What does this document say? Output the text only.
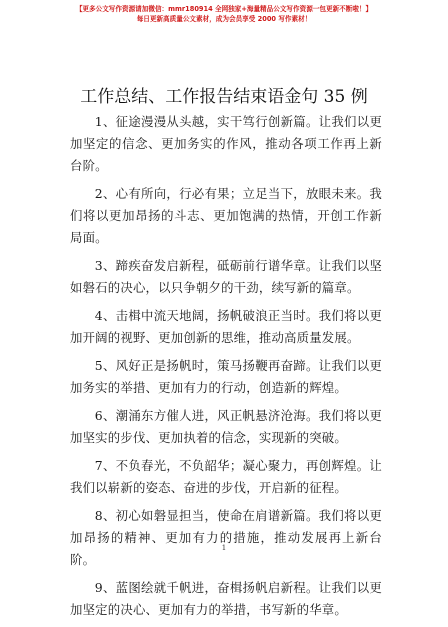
【更多公文写作资源请加微信：mmr180914 全网独家+海量精品公文写作资源一包更新不断啦！】
每日更新高质量公文素材，成为会员享受 2000 写作素材！
工作总结、工作报告结束语金句 35 例

1、征途漫漫从头越，实干笃行创新篇。让我们以更加坚定的信念、更加务实的作风，推动各项工作再上新台阶。

2、心有所向，行必有果；立足当下，放眼未来。我们将以更加昂扬的斗志、更加饱满的热情，开创工作新局面。

3、蹄疾奋发启新程，砥砺前行谱华章。让我们以坚如磐石的决心，以只争朝夕的干劲，续写新的篇章。

4、击楫中流天地阔，扬帆破浪正当时。我们将以更加开阔的视野、更加创新的思维，推动高质量发展。

5、风好正是扬帆时，策马扬鞭再奋蹄。让我们以更加务实的举措、更加有力的行动，创造新的辉煌。

6、潮涌东方催人进，风正帆悬济沧海。我们将以更加坚实的步伐、更加执着的信念，实现新的突破。

7、不负春光，不负韶华；凝心聚力，再创辉煌。让我们以崭新的姿态、奋进的步伐，开启新的征程。

8、初心如磐显担当，使命在肩谱新篇。我们将以更加昂扬的精神、更加有力的措施，推动发展再上新台阶。

9、蓝图绘就千帆进，奋楫扬帆启新程。让我们以更加坚定的决心、更加有力的举措，书写新的华章。

1
